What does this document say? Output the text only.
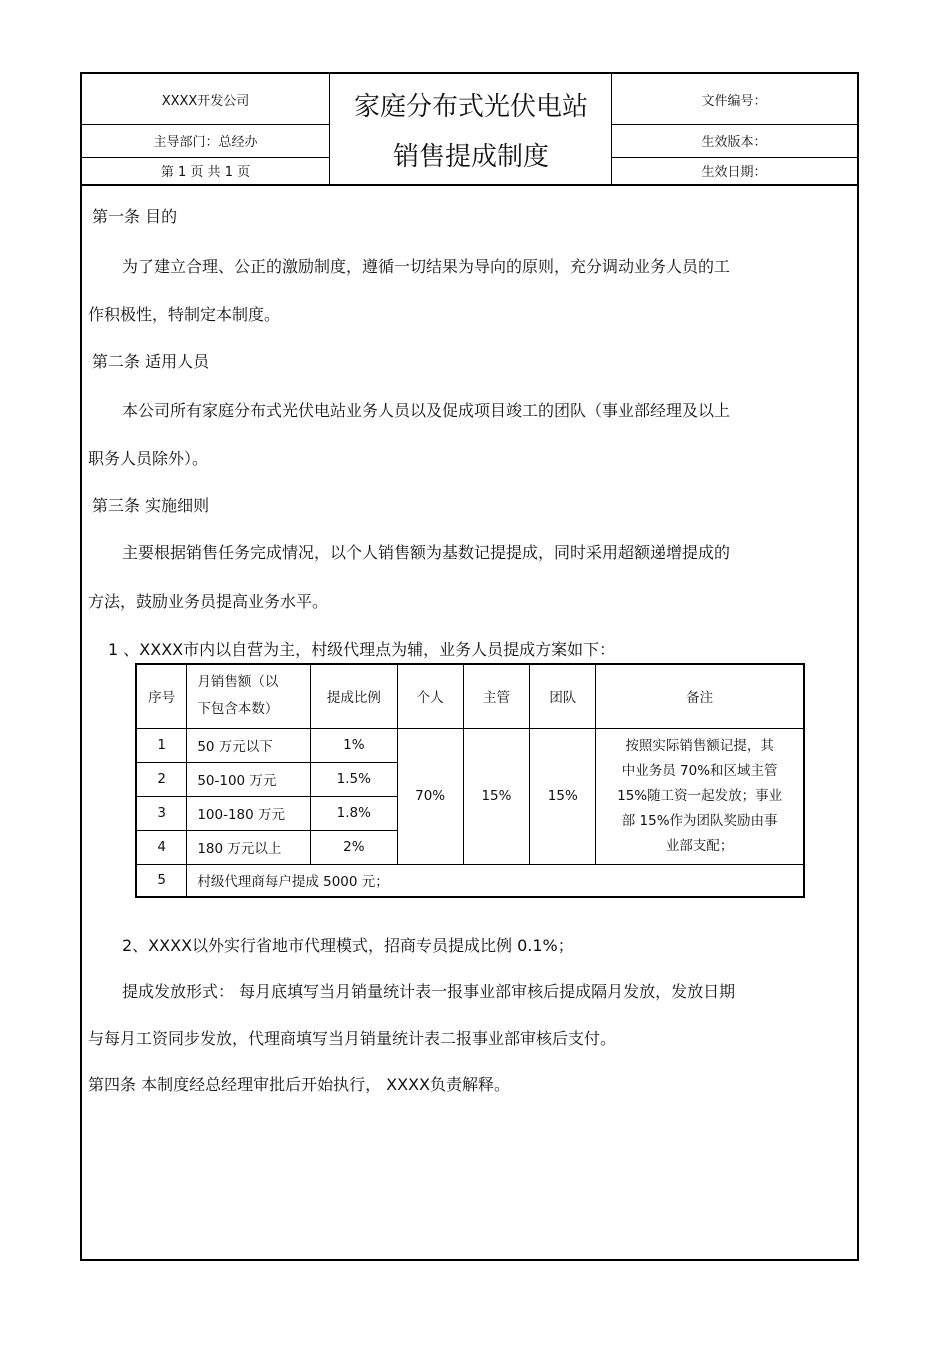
XXXX开发公司
主导部门：总经办
第 1 页 共 1 页
家庭分布式光伏电站
销售提成制度
文件编号：
生效版本：
生效日期：
第一条 目的
为了建立合理、公正的激励制度，遵循一切结果为导向的原则，充分调动业务人员的工
作积极性，特制定本制度。
第二条 适用人员
本公司所有家庭分布式光伏电站业务人员以及促成项目竣工的团队（事业部经理及以上
职务人员除外）。
第三条 实施细则
主要根据销售任务完成情况，以个人销售额为基数记提提成，同时采用超额递增提成的
方法，鼓励业务员提高业务水平。
1 、XXXX市内以自营为主，村级代理点为辅，业务人员提成方案如下：
序号	月销售额（以
下包含本数）	提成比例	个人	主管	团队	备注
1	50 万元以下	1%	70%	15%	15%	按照实际销售额记提，其
中业务员 70%和区域主管
15%随工资一起发放；事业
部 15%作为团队奖励由事
业部支配；

2	50-100 万元	1.5%				
3	100-180 万元	1.8%				
4	180 万元以上	2%				
5	村级代理商每户提成 5000 元；					
2、XXXX以外实行省地市代理模式，招商专员提成比例 0.1%；
提成发放形式： 每月底填写当月销量统计表一报事业部审核后提成隔月发放，发放日期
与每月工资同步发放，代理商填写当月销量统计表二报事业部审核后支付。
第四条 本制度经总经理审批后开始执行， XXXX负责解释。
